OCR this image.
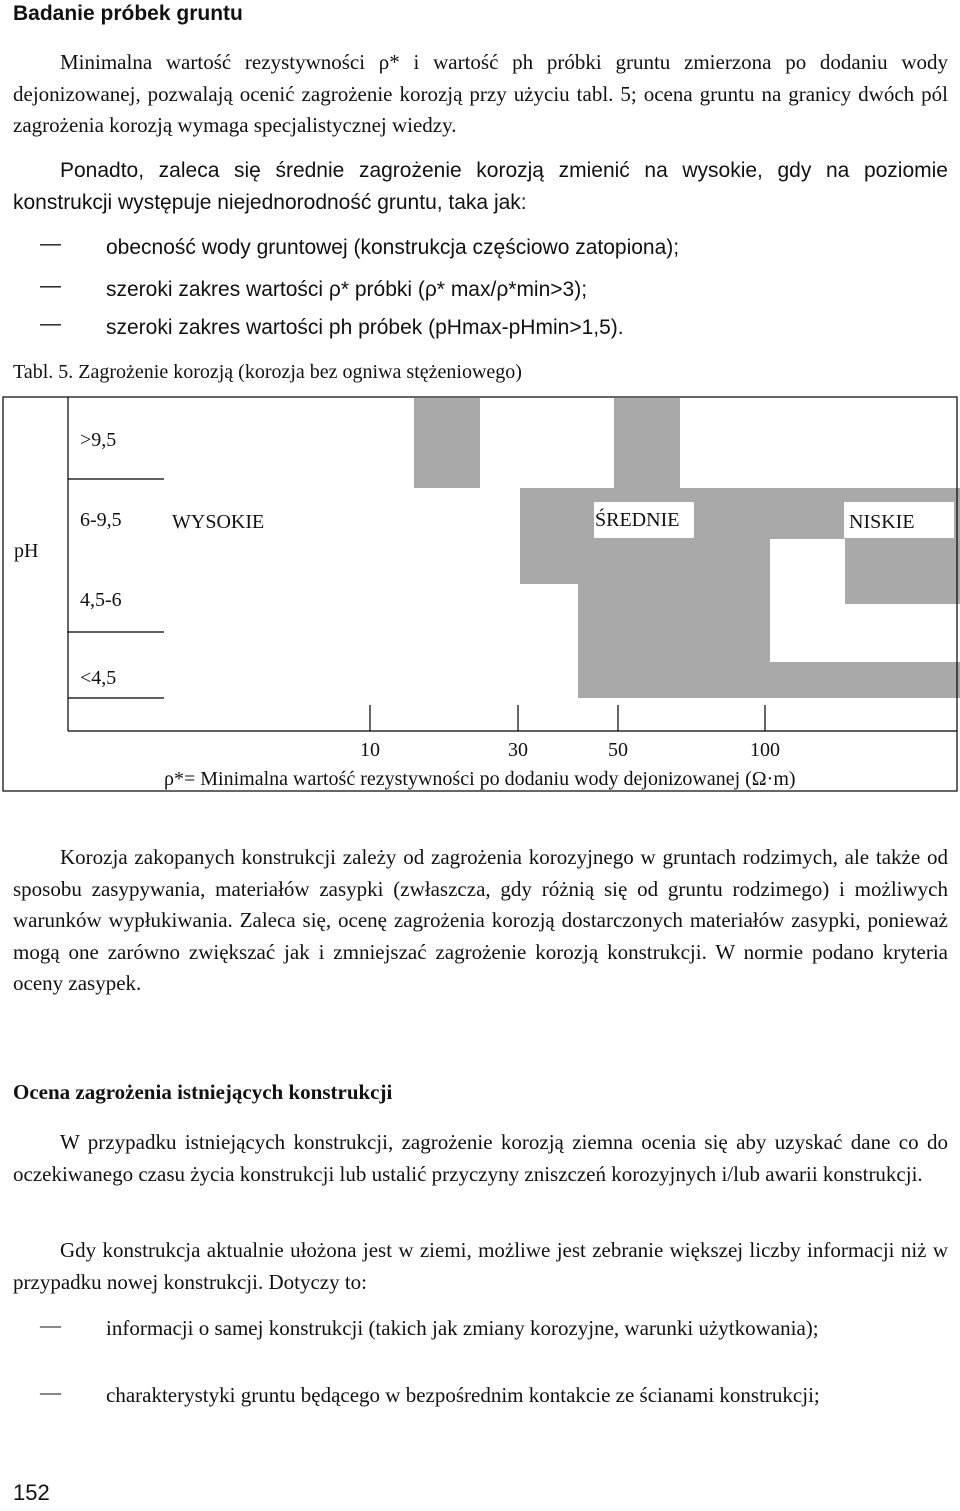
Badanie próbek gruntu

Minimalna wartość rezystywności ρ* i wartość ph próbki gruntu zmierzona po dodaniu wody dejonizowanej, pozwalają ocenić zagrożenie korozją przy użyciu tabl. 5; ocena gruntu na granicy dwóch pól zagrożenia korozją wymaga specjalistycznej wiedzy.

Ponadto, zaleca się średnie zagrożenie korozją zmienić na wysokie, gdy na poziomie konstrukcji występuje niejednorodność gruntu, taka jak:

— obecność wody gruntowej (konstrukcja częściowo zatopiona);
— szeroki zakres wartości ρ* próbki (ρ* max/ρ*min>3);
— szeroki zakres wartości ph próbek (pHmax-pHmin>1,5).
Tabl. 5. Zagrożenie korozją (korozja bez ogniwa stężeniowego)
pH
>9,5
6-9,5
4,5-6
<4,5
WYSOKIE	ŚREDNIE	NISKIE
10	30	50	100
ρ*= Minimalna wartość rezystywności po dodaniu wody dejonizowanej (Ω·m)

Korozja zakopanych konstrukcji zależy od zagrożenia korozyjnego w gruntach rodzimych, ale także od sposobu zasypywania, materiałów zasypki (zwłaszcza, gdy różnią się od gruntu rodzimego) i możliwych warunków wypłukiwania. Zaleca się, ocenę zagrożenia korozją dostarczonych materiałów zasypki, ponieważ mogą one zarówno zwiększać jak i zmniejszać zagrożenie korozją konstrukcji. W normie podano kryteria oceny zasypek.

Ocena zagrożenia istniejących konstrukcji

W przypadku istniejących konstrukcji, zagrożenie korozją ziemna ocenia się aby uzyskać dane co do oczekiwanego czasu życia konstrukcji lub ustalić przyczyny zniszczeń korozyjnych i/lub awarii konstrukcji.

Gdy konstrukcja aktualnie ułożona jest w ziemi, możliwe jest zebranie większej liczby informacji niż w przypadku nowej konstrukcji. Dotyczy to:

— informacji o samej konstrukcji (takich jak zmiany korozyjne, warunki użytkowania);
— charakterystyki gruntu będącego w bezpośrednim kontakcie ze ścianami konstrukcji;
152
